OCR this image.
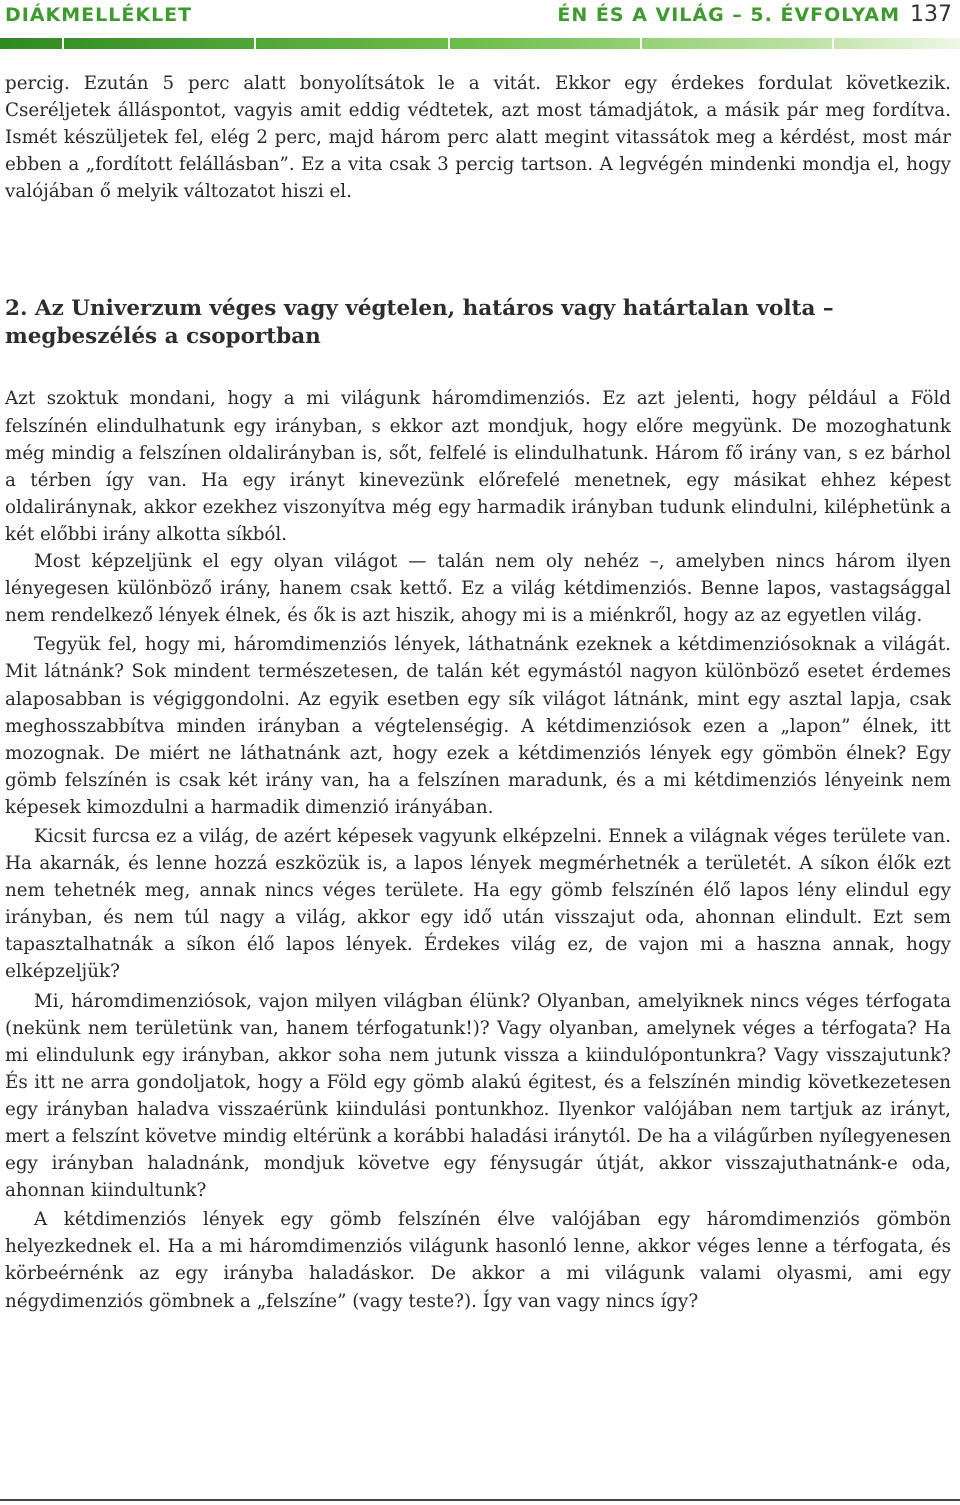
DIÁKMELLÉKLET	ÉN ÉS A VILÁG – 5. ÉVFOLYAM 137

percig. Ezután 5 perc alatt bonyolítsátok le a vitát. Ekkor egy érdekes fordulat következik. Cseréljetek álláspontot, vagyis amit eddig védtetek, azt most támadjátok, a másik pár meg fordítva. Ismét készüljetek fel, elég 2 perc, majd három perc alatt megint vitassátok meg a kérdést, most már ebben a „fordított felállásban”. Ez a vita csak 3 percig tartson. A legvégén mindenki mondja el, hogy valójában ő melyik változatot hiszi el.

2. Az Univerzum véges vagy végtelen, határos vagy határtalan volta – megbeszélés a csoportban

Azt szoktuk mondani, hogy a mi világunk háromdimenziós. Ez azt jelenti, hogy például a Föld felszínén elindulhatunk egy irányban, s ekkor azt mondjuk, hogy előre megyünk. De mozoghatunk még mindig a felszínen oldalirányban is, sőt, felfelé is elindulhatunk. Három fő irány van, s ez bárhol a térben így van. Ha egy irányt kinevezünk előrefelé menetnek, egy másikat ehhez képest oldaliránynak, akkor ezekhez viszonyítva még egy harmadik irányban tudunk elindulni, kiléphetünk a két előbbi irány alkotta síkból.

Most képzeljünk el egy olyan világot — talán nem oly nehéz –, amelyben nincs három ilyen lényegesen különböző irány, hanem csak kettő. Ez a világ kétdimenziós. Benne lapos, vastagsággal nem rendelkező lények élnek, és ők is azt hiszik, ahogy mi is a miénkről, hogy az az egyetlen világ.

Tegyük fel, hogy mi, háromdimenziós lények, láthatnánk ezeknek a kétdimenziósoknak a világát. Mit látnánk? Sok mindent természetesen, de talán két egymástól nagyon különböző esetet érdemes alaposabban is végiggondolni. Az egyik esetben egy sík világot látnánk, mint egy asztal lapja, csak meghosszabbítva minden irányban a végtelenségig. A kétdimenziósok ezen a „lapon” élnek, itt mozognak. De miért ne láthatnánk azt, hogy ezek a kétdimenziós lények egy gömbön élnek? Egy gömb felszínén is csak két irány van, ha a felszínen maradunk, és a mi kétdimenziós lényeink nem képesek kimozdulni a harmadik dimenzió irányában.

Kicsit furcsa ez a világ, de azért képesek vagyunk elképzelni. Ennek a világnak véges területe van. Ha akarnák, és lenne hozzá eszközük is, a lapos lények megmérhetnék a területét. A síkon élők ezt nem tehetnék meg, annak nincs véges területe. Ha egy gömb felszínén élő lapos lény elindul egy irányban, és nem túl nagy a világ, akkor egy idő után visszajut oda, ahonnan elindult. Ezt sem tapasztalhatnák a síkon élő lapos lények. Érdekes világ ez, de vajon mi a haszna annak, hogy elképzeljük?

Mi, háromdimenziósok, vajon milyen világban élünk? Olyanban, amelyiknek nincs véges térfogata (nekünk nem területünk van, hanem térfogatunk!)? Vagy olyanban, amelynek véges a térfogata? Ha mi elindulunk egy irányban, akkor soha nem jutunk vissza a kiindulópontunkra? Vagy visszajutunk? És itt ne arra gondoljatok, hogy a Föld egy gömb alakú égitest, és a felszínén mindig következetesen egy irányban haladva visszaérünk kiindulási pontunkhoz. Ilyenkor valójában nem tartjuk az irányt, mert a felszínt követve mindig eltérünk a korábbi haladási iránytól. De ha a világűrben nyílegyenesen egy irányban haladnánk, mondjuk követve egy fénysugár útját, akkor visszajuthatnánk-e oda, ahonnan kiindultunk?

A kétdimenziós lények egy gömb felszínén élve valójában egy háromdimenziós gömbön helyezkednek el. Ha a mi háromdimenziós világunk hasonló lenne, akkor véges lenne a térfogata, és körbeérnénk az egy irányba haladáskor. De akkor a mi világunk valami olyasmi, ami egy négydimenziós gömbnek a „felszíne” (vagy teste?). Így van vagy nincs így?
